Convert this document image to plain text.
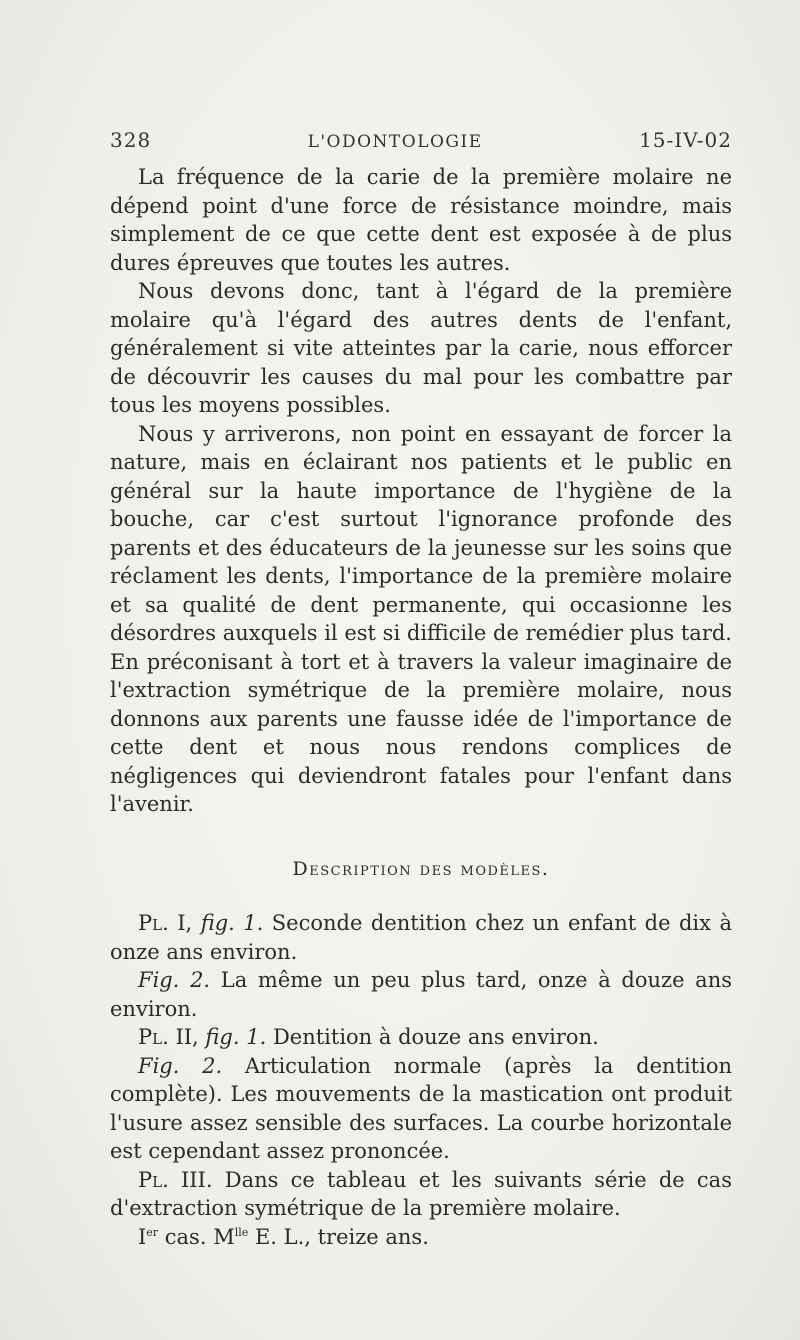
328	L'ODONTOLOGIE	15-IV-02

La fréquence de la carie de la première molaire ne dépend point d'une force de résistance moindre, mais simplement de ce que cette dent est exposée à de plus dures épreuves que toutes les autres.

Nous devons donc, tant à l'égard de la première molaire qu'à l'égard des autres dents de l'enfant, généralement si vite atteintes par la carie, nous efforcer de découvrir les causes du mal pour les combattre par tous les moyens possibles.

Nous y arriverons, non point en essayant de forcer la nature, mais en éclairant nos patients et le public en général sur la haute importance de l'hygiène de la bouche, car c'est surtout l'ignorance profonde des parents et des éducateurs de la jeunesse sur les soins que réclament les dents, l'importance de la première molaire et sa qualité de dent permanente, qui occasionne les désordres auxquels il est si difficile de remédier plus tard. En préconisant à tort et à travers la valeur imaginaire de l'extraction symétrique de la première molaire, nous donnons aux parents une fausse idée de l'importance de cette dent et nous nous rendons complices de négligences qui deviendront fatales pour l'enfant dans l'avenir.

Description des modèles.

Pl. I, fig. 1. Seconde dentition chez un enfant de dix à onze ans environ.

Fig. 2. La même un peu plus tard, onze à douze ans environ.

Pl. II, fig. 1. Dentition à douze ans environ.

Fig. 2. Articulation normale (après la dentition complète). Les mouvements de la mastication ont produit l'usure assez sensible des surfaces. La courbe horizontale est cependant assez prononcée.

Pl. III. Dans ce tableau et les suivants série de cas d'extraction symétrique de la première molaire.

Ier cas. $M^{lle}$ E. L., treize ans.
